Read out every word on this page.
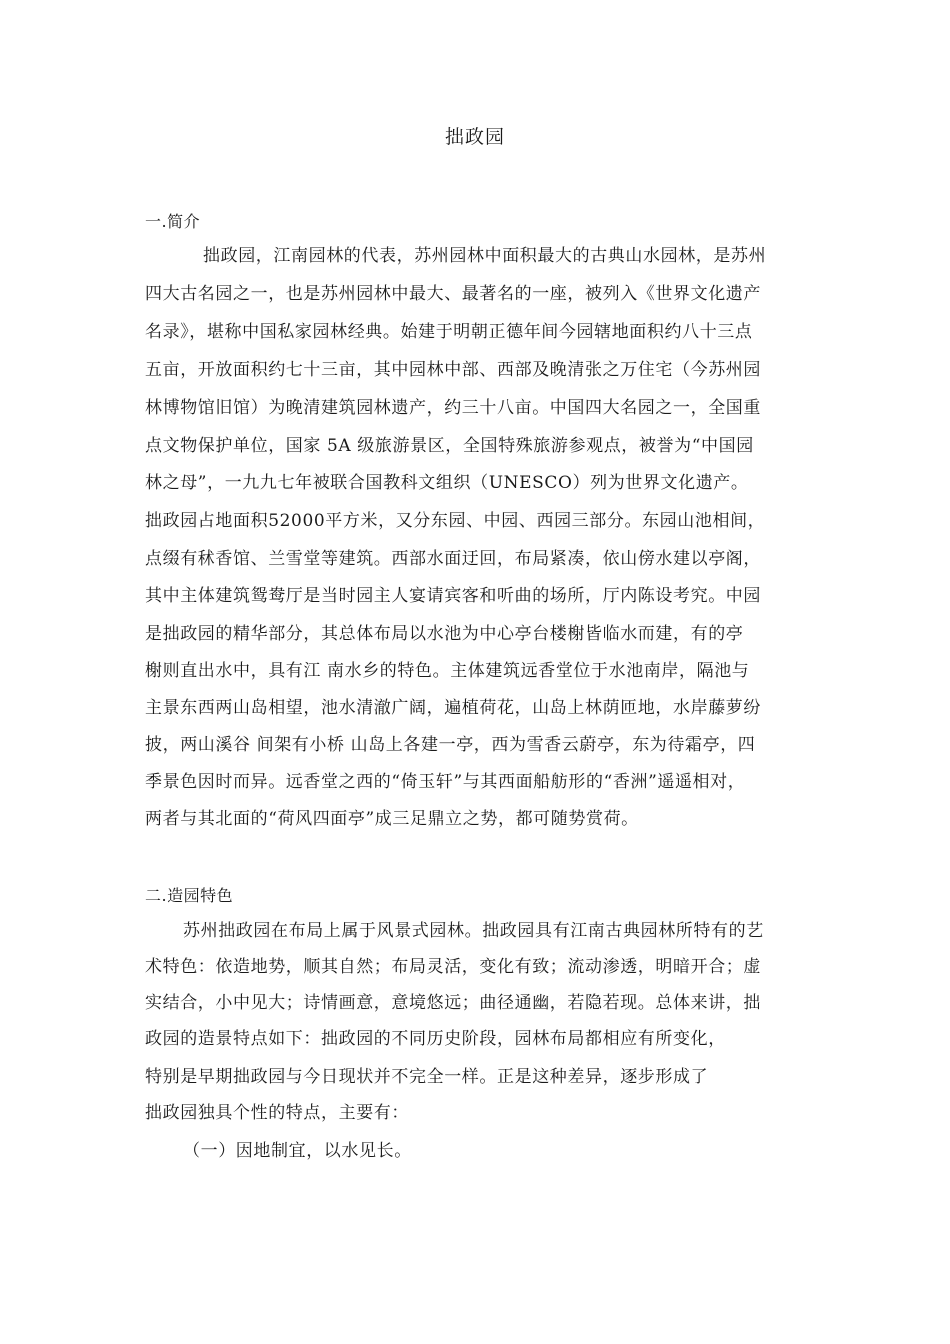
拙政园
一.简介
拙政园，江南园林的代表，苏州园林中面积最大的古典山水园林，是苏州
四大古名园之一，也是苏州园林中最大、最著名的一座，被列入《世界文化遗产
名录》，堪称中国私家园林经典。始建于明朝正德年间今园辖地面积约八十三点
五亩，开放面积约七十三亩，其中园林中部、西部及晚清张之万住宅（今苏州园
林博物馆旧馆）为晚清建筑园林遗产，约三十八亩。中国四大名园之一，全国重
点文物保护单位，国家 5A 级旅游景区，全国特殊旅游参观点，被誉为“中国园
林之母”，一九九七年被联合国教科文组织（UNESCO）列为世界文化遗产。
拙政园占地面积52000平方米，又分东园、中园、西园三部分。东园山池相间，
点缀有秫香馆、兰雪堂等建筑。西部水面迂回，布局紧凑，依山傍水建以亭阁，
其中主体建筑鸳鸯厅是当时园主人宴请宾客和听曲的场所，厅内陈设考究。中园
是拙政园的精华部分，其总体布局以水池为中心亭台楼榭皆临水而建，有的亭
榭则直出水中，具有江 南水乡的特色。主体建筑远香堂位于水池南岸，隔池与
主景东西两山岛相望，池水清澈广阔，遍植荷花，山岛上林荫匝地，水岸藤萝纷
披，两山溪谷 间架有小桥 山岛上各建一亭，西为雪香云蔚亭，东为待霜亭，四
季景色因时而异。远香堂之西的“倚玉轩”与其西面船舫形的“香洲”遥遥相对，
两者与其北面的“荷风四面亭”成三足鼎立之势，都可随势赏荷。
二.造园特色
苏州拙政园在布局上属于风景式园林。拙政园具有江南古典园林所特有的艺
术特色：依造地势，顺其自然；布局灵活，变化有致；流动渗透，明暗开合；虚
实结合，小中见大；诗情画意，意境悠远；曲径通幽，若隐若现。总体来讲，拙
政园的造景特点如下：拙政园的不同历史阶段，园林布局都相应有所变化，
特别是早期拙政园与今日现状并不完全一样。正是这种差异，逐步形成了
拙政园独具个性的特点，主要有：
（一）因地制宜，以水见长。
